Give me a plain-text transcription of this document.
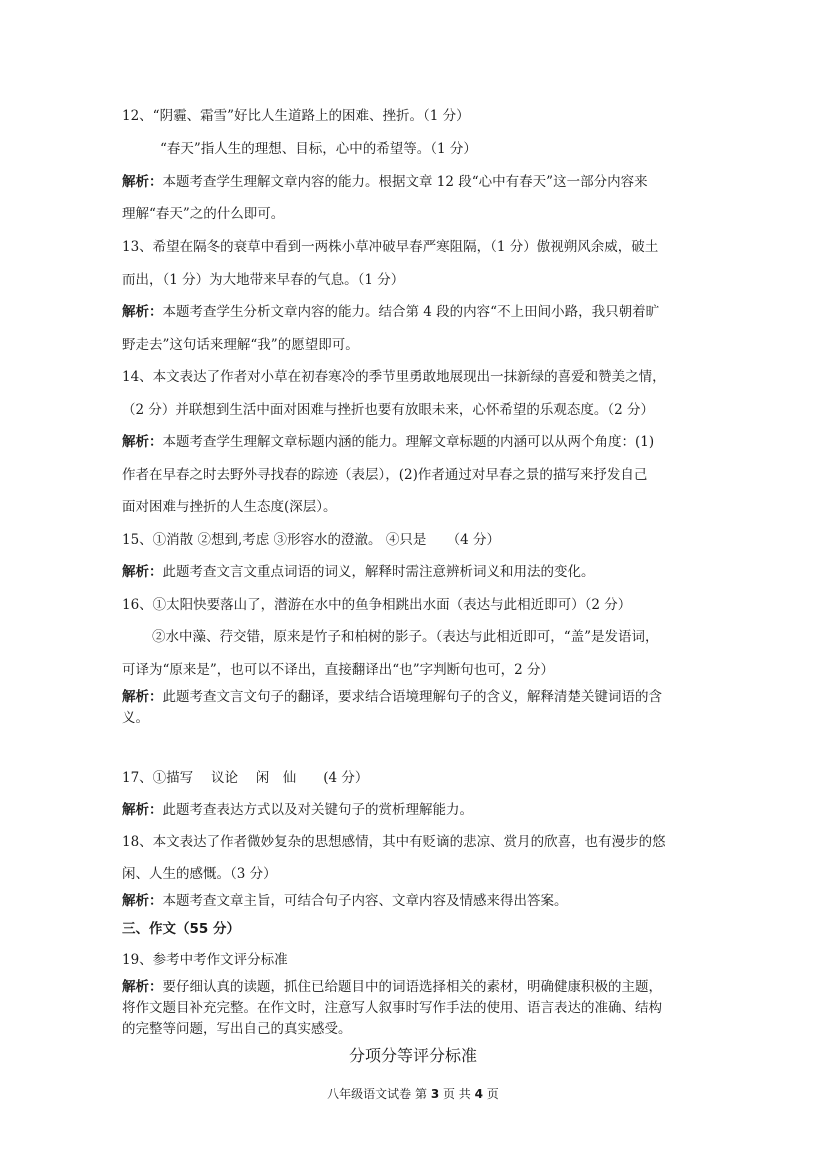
12、“阴霾、霜雪”好比人生道路上的困难、挫折。（1 分）
“春天”指人生的理想、目标，心中的希望等。（1 分）
解析：本题考查学生理解文章内容的能力。根据文章 12 段“心中有春天”这一部分内容来
理解“春天”之的什么即可。
13、希望在隔冬的衰草中看到一两株小草冲破早春严寒阻隔，（1 分）傲视朔风余威，破土
而出，（1 分）为大地带来早春的气息。（1 分）
解析：本题考查学生分析文章内容的能力。结合第 4 段的内容“不上田间小路，我只朝着旷
野走去”这句话来理解“我”的愿望即可。
14、本文表达了作者对小草在初春寒冷的季节里勇敢地展现出一抹新绿的喜爱和赞美之情，
（2 分）并联想到生活中面对困难与挫折也要有放眼未来，心怀希望的乐观态度。（2 分）
解析：本题考查学生理解文章标题内涵的能力。理解文章标题的内涵可以从两个角度：(1)
作者在早春之时去野外寻找春的踪迹（表层），(2)作者通过对早春之景的描写来抒发自己
面对困难与挫折的人生态度(深层）。
15、①消散 ②想到,考虑 ③形容水的澄澈。 ④只是　　（4 分）
解析：此题考查文言文重点词语的词义，解释时需注意辨析词义和用法的变化。
16、①太阳快要落山了，潜游在水中的鱼争相跳出水面（表达与此相近即可）（2 分）
②水中藻、荇交错，原来是竹子和柏树的影子。（表达与此相近即可，“盖”是发语词，
可译为“原来是”，也可以不译出，直接翻译出“也”字判断句也可，2 分）
解析：此题考查文言文句子的翻译，要求结合语境理解句子的含义，解释清楚关键词语的含
义。
17、①描写　 议论　 闲　仙　　(4 分）
解析：此题考查表达方式以及对关键句子的赏析理解能力。
18、本文表达了作者微妙复杂的思想感情，其中有贬谪的悲凉、赏月的欣喜，也有漫步的悠
闲、人生的感慨。（3 分）
解析：本题考查文章主旨，可结合句子内容、文章内容及情感来得出答案。
三、作文（55 分）
19、参考中考作文评分标准
解析：要仔细认真的读题，抓住已给题目中的词语选择相关的素材，明确健康积极的主题，
将作文题目补充完整。在作文时，注意写人叙事时写作手法的使用、语言表达的准确、结构
的完整等问题，写出自己的真实感受。
分项分等评分标准
八年级语文试卷 第 3 页 共 4 页
